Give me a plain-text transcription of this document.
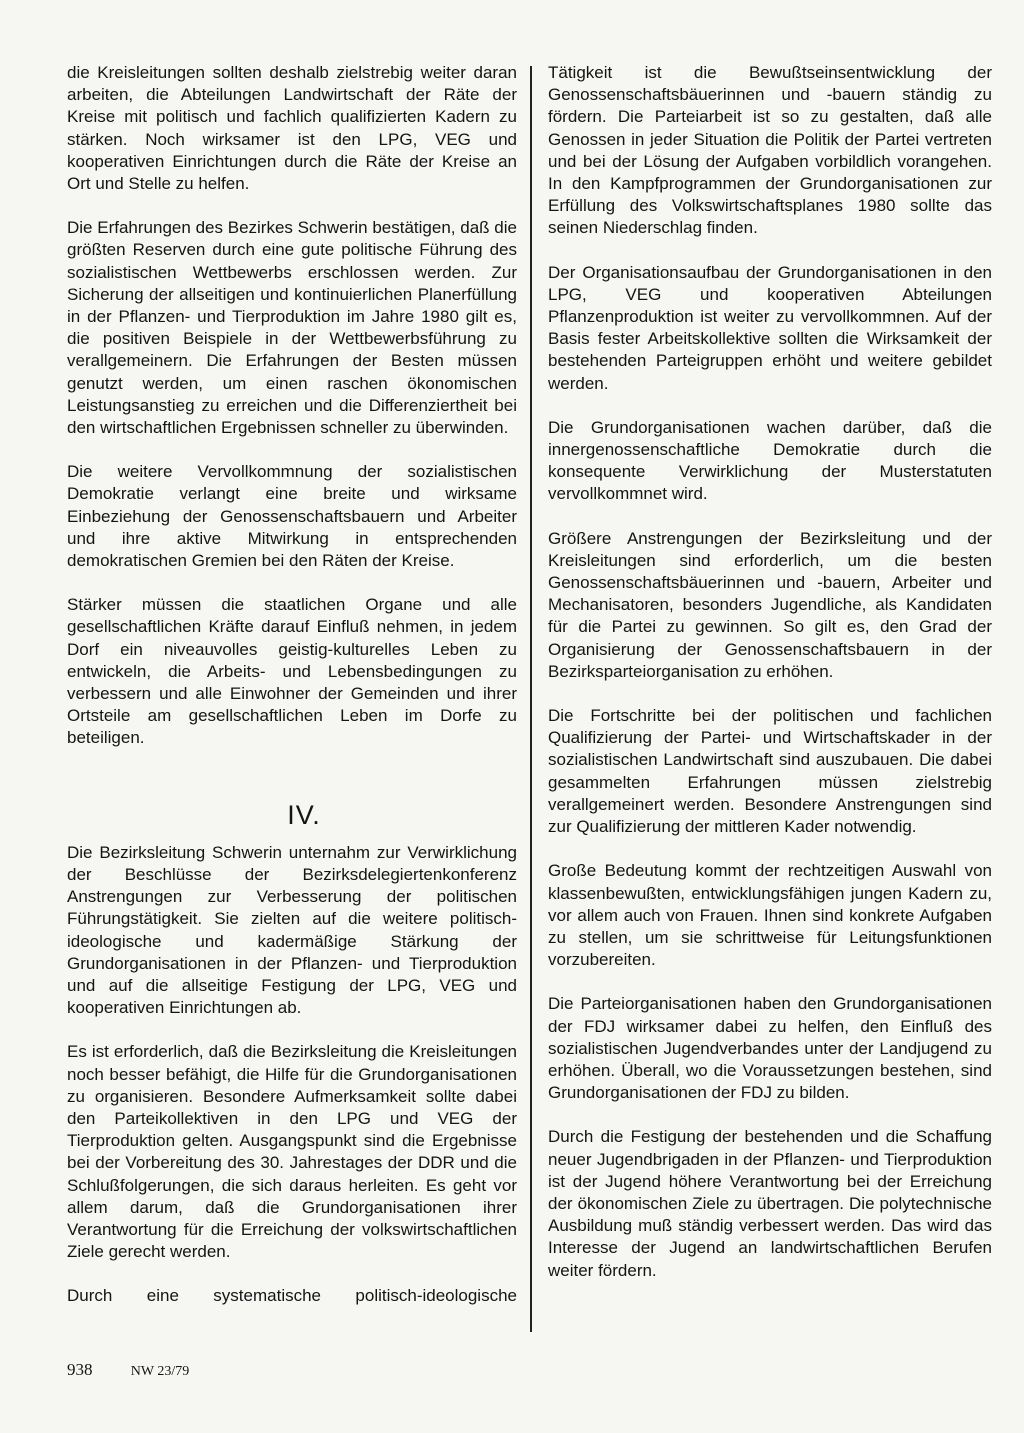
die Kreisleitungen sollten deshalb zielstrebig weiter daran arbeiten, die Abteilungen Landwirtschaft der Räte der Kreise mit politisch und fachlich qualifizierten Kadern zu stärken. Noch wirksamer ist den LPG, VEG und kooperativen Einrichtungen durch die Räte der Kreise an Ort und Stelle zu helfen.

Die Erfahrungen des Bezirkes Schwerin bestätigen, daß die größten Reserven durch eine gute politische Führung des sozialistischen Wettbewerbs erschlossen werden. Zur Sicherung der allseitigen und kontinuierlichen Planerfüllung in der Pflanzen- und Tierproduktion im Jahre 1980 gilt es, die positiven Beispiele in der Wettbewerbsführung zu verallgemeinern. Die Erfahrungen der Besten müssen genutzt werden, um einen raschen ökonomischen Leistungsanstieg zu erreichen und die Differenziertheit bei den wirtschaftlichen Ergebnissen schneller zu überwinden.

Die weitere Vervollkommnung der sozialistischen Demokratie verlangt eine breite und wirksame Einbeziehung der Genossenschaftsbauern und Arbeiter und ihre aktive Mitwirkung in entsprechenden demokratischen Gremien bei den Räten der Kreise.

Stärker müssen die staatlichen Organe und alle gesellschaftlichen Kräfte darauf Einfluß nehmen, in jedem Dorf ein niveauvolles geistig-kulturelles Leben zu entwickeln, die Arbeits- und Lebensbedingungen zu verbessern und alle Einwohner der Gemeinden und ihrer Ortsteile am gesellschaftlichen Leben im Dorfe zu beteiligen.

IV.

Die Bezirksleitung Schwerin unternahm zur Verwirklichung der Beschlüsse der Bezirksdelegiertenkonferenz Anstrengungen zur Verbesserung der politischen Führungstätigkeit. Sie zielten auf die weitere politisch-ideologische und kadermäßige Stärkung der Grundorganisationen in der Pflanzen- und Tierproduktion und auf die allseitige Festigung der LPG, VEG und kooperativen Einrichtungen ab.

Es ist erforderlich, daß die Bezirksleitung die Kreisleitungen noch besser befähigt, die Hilfe für die Grundorganisationen zu organisieren. Besondere Aufmerksamkeit sollte dabei den Parteikollektiven in den LPG und VEG der Tierproduktion gelten. Ausgangspunkt sind die Ergebnisse bei der Vorbereitung des 30. Jahrestages der DDR und die Schlußfolgerungen, die sich daraus herleiten. Es geht vor allem darum, daß die Grundorganisationen ihrer Verantwortung für die Erreichung der volkswirtschaftlichen Ziele gerecht werden.

Durch eine systematische politisch-ideologische

Tätigkeit ist die Bewußtseinsentwicklung der Genossenschaftsbäuerinnen und -bauern ständig zu fördern. Die Parteiarbeit ist so zu gestalten, daß alle Genossen in jeder Situation die Politik der Partei vertreten und bei der Lösung der Aufgaben vorbildlich vorangehen. In den Kampfprogrammen der Grundorganisationen zur Erfüllung des Volkswirtschaftsplanes 1980 sollte das seinen Niederschlag finden.

Der Organisationsaufbau der Grundorganisationen in den LPG, VEG und kooperativen Abteilungen Pflanzenproduktion ist weiter zu vervollkommnen. Auf der Basis fester Arbeitskollektive sollten die Wirksamkeit der bestehenden Parteigruppen erhöht und weitere gebildet werden.

Die Grundorganisationen wachen darüber, daß die innergenossenschaftliche Demokratie durch die konsequente Verwirklichung der Musterstatuten vervollkommnet wird.

Größere Anstrengungen der Bezirksleitung und der Kreisleitungen sind erforderlich, um die besten Genossenschaftsbäuerinnen und -bauern, Arbeiter und Mechanisatoren, besonders Jugendliche, als Kandidaten für die Partei zu gewinnen. So gilt es, den Grad der Organisierung der Genossenschaftsbauern in der Bezirksparteiorganisation zu erhöhen.

Die Fortschritte bei der politischen und fachlichen Qualifizierung der Partei- und Wirtschaftskader in der sozialistischen Landwirtschaft sind auszubauen. Die dabei gesammelten Erfahrungen müssen zielstrebig verallgemeinert werden. Besondere Anstrengungen sind zur Qualifizierung der mittleren Kader notwendig.

Große Bedeutung kommt der rechtzeitigen Auswahl von klassenbewußten, entwicklungsfähigen jungen Kadern zu, vor allem auch von Frauen. Ihnen sind konkrete Aufgaben zu stellen, um sie schrittweise für Leitungsfunktionen vorzubereiten.

Die Parteiorganisationen haben den Grundorganisationen der FDJ wirksamer dabei zu helfen, den Einfluß des sozialistischen Jugendverbandes unter der Landjugend zu erhöhen. Überall, wo die Voraussetzungen bestehen, sind Grundorganisationen der FDJ zu bilden.

Durch die Festigung der bestehenden und die Schaffung neuer Jugendbrigaden in der Pflanzen- und Tierproduktion ist der Jugend höhere Verantwortung bei der Erreichung der ökonomischen Ziele zu übertragen. Die polytechnische Ausbildung muß ständig verbessert werden. Das wird das Interesse der Jugend an landwirtschaftlichen Berufen weiter fördern.

938	NW 23/79
